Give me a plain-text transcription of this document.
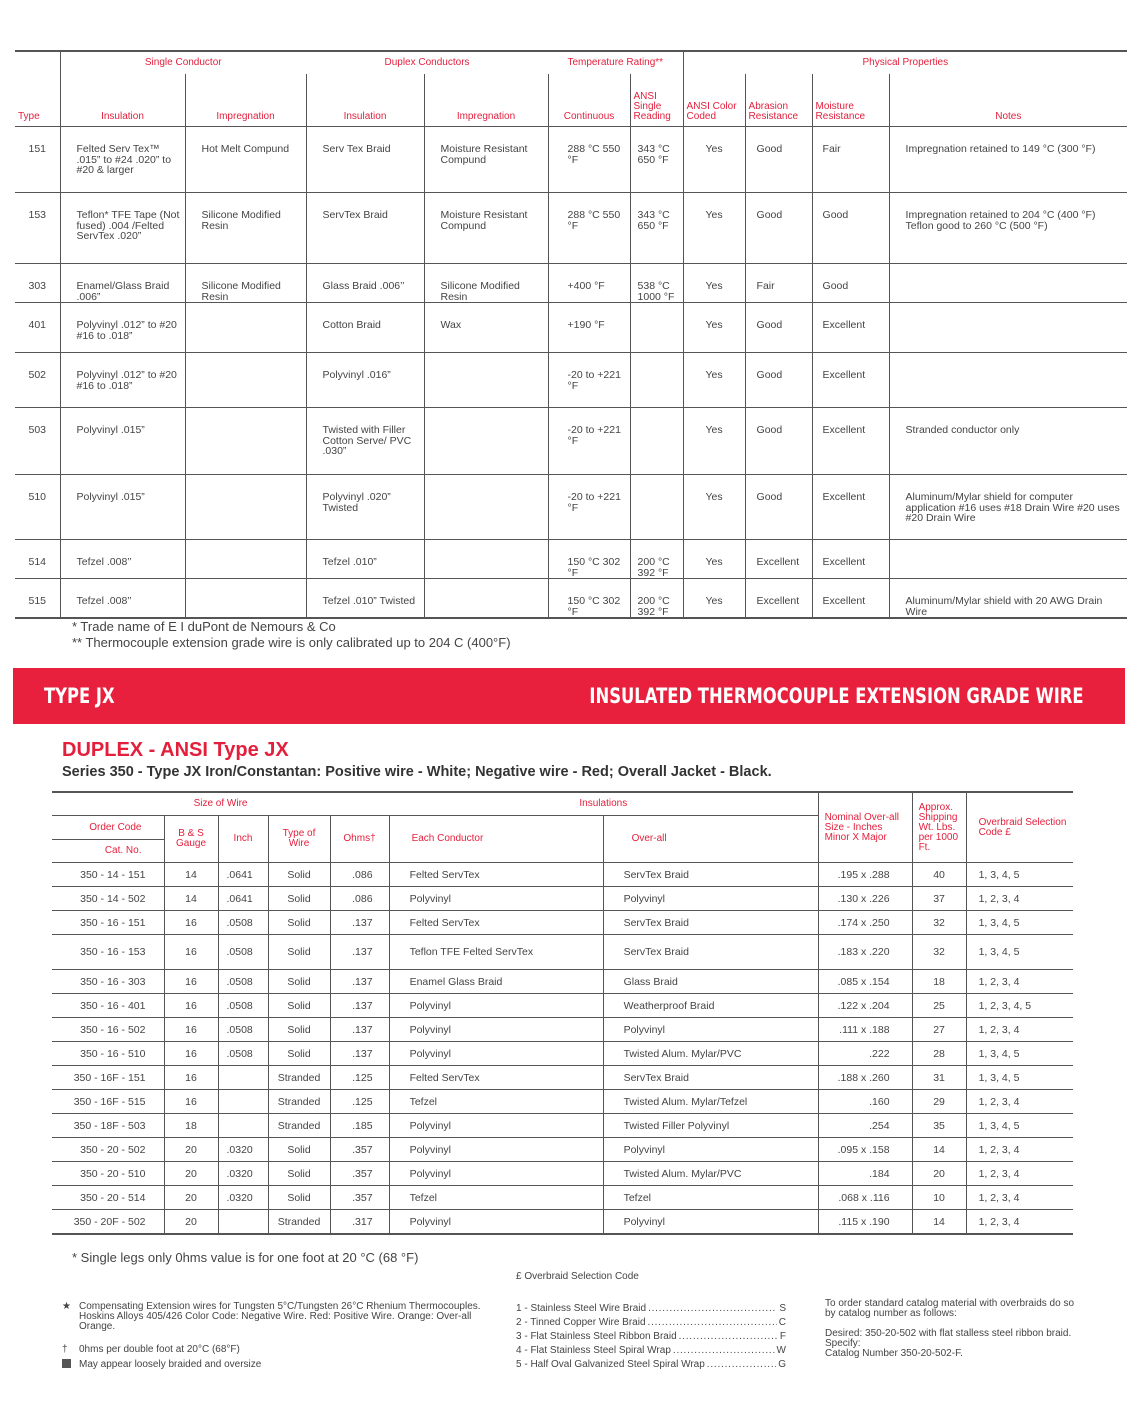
	Single Conductor		Duplex Conductors		Temperature Rating**		Physical Properties			
Type	Insulation	Impregnation	Insulation	Impregnation	Continuous	ANSI Single Reading	ANSI Color Coded	Abrasion Resistance	Moisture Resistance	Notes
151	Felted Serv Tex™ .015” to #24 .020” to #20 & larger	Hot Melt Compund	Serv Tex Braid	Moisture Resistant Compund	288 °C 550 °F	343 °C 650 °F	Yes	Good	Fair	Impregnation retained to 149 °C (300 °F)
153	Teflon* TFE Tape (Not fused) .004 /Felted ServTex .020”	Silicone Modified Resin	ServTex Braid	Moisture Resistant Compund	288 °C 550 °F	343 °C 650 °F	Yes	Good	Good	Impregnation retained to 204 °C (400 °F) Teflon good to 260 °C (500 °F)
303	Enamel/Glass Braid .006”	Silicone Modified Resin	Glass Braid .006’’	Silicone Modified Resin	+400 °F	538 °C 1000 °F	Yes	Fair	Good	
401	Polyvinyl .012” to #20 #16 to .018”		Cotton Braid	Wax	+190 °F		Yes	Good	Excellent	
502	Polyvinyl .012” to #20 #16 to .018”		Polyvinyl .016”		-20 to +221 °F		Yes	Good	Excellent	
503	Polyvinyl .015”		Twisted with Filler Cotton Serve/ PVC .030”		-20 to +221 °F		Yes	Good	Excellent	Stranded conductor only
510	Polyvinyl .015”		Polyvinyl .020” Twisted		-20 to +221 °F		Yes	Good	Excellent	Aluminum/Mylar shield for computer application #16 uses #18 Drain Wire #20 uses #20 Drain Wire
514	Tefzel .008’’		Tefzel .010”		150 °C 302 °F	200 °C 392 °F	Yes	Excellent	Excellent	
515	Tefzel .008’’		Tefzel .010” Twisted		150 °C 302 °F	200 °C 392 °F	Yes	Excellent	Excellent	Aluminum/Mylar shield with 20 AWG Drain Wire
* Trade name of E I duPont de Nemours & Co
** Thermocouple extension grade wire is only calibrated up to 204 C (400°F)
TYPE JX	INSULATED THERMOCOUPLE EXTENSION GRADE WIRE
DUPLEX - ANSI Type JX
Series 350 - Type JX Iron/Constantan: Positive wire - White; Negative wire - Red; Overall Jacket - Black.
Size of Wire					Insulations		Nominal Over-all Size - Inches Minor X Major	Approx. Shipping Wt. Lbs. per 1000 Ft.	Overbraid Selection Code £
Order Code	B & S Gauge	Inch	Type of Wire	Ohms†	Each Conductor	Over-all			
Cat. No.									
350 - 14 - 151	14	.0641	Solid	.086	Felted ServTex	ServTex Braid	.195 x .288	40	1, 3, 4, 5
350 - 14 - 502	14	.0641	Solid	.086	Polyvinyl	Polyvinyl	.130 x .226	37	1, 2, 3, 4
350 - 16 - 151	16	.0508	Solid	.137	Felted ServTex	ServTex Braid	.174 x .250	32	1, 3, 4, 5
350 - 16 - 153	16	.0508	Solid	.137	Teflon TFE Felted ServTex	ServTex Braid	.183 x .220	32	1, 3, 4, 5
350 - 16 - 303	16	.0508	Solid	.137	Enamel Glass Braid	Glass Braid	.085 x .154	18	1, 2, 3, 4
350 - 16 - 401	16	.0508	Solid	.137	Polyvinyl	Weatherproof Braid	.122 x .204	25	1, 2, 3, 4, 5
350 - 16 - 502	16	.0508	Solid	.137	Polyvinyl	Polyvinyl	.111 x .188	27	1, 2, 3, 4
350 - 16 - 510	16	.0508	Solid	.137	Polyvinyl	Twisted Alum. Mylar/PVC	.222	28	1, 3, 4, 5
350 - 16F - 151	16		Stranded	.125	Felted ServTex	ServTex Braid	.188 x .260	31	1, 3, 4, 5
350 - 16F - 515	16		Stranded	.125	Tefzel	Twisted Alum. Mylar/Tefzel	.160	29	1, 2, 3, 4
350 - 18F - 503	18		Stranded	.185	Polyvinyl	Twisted Filler Polyvinyl	.254	35	1, 3, 4, 5
350 - 20 - 502	20	.0320	Solid	.357	Polyvinyl	Polyvinyl	.095 x .158	14	1, 2, 3, 4
350 - 20 - 510	20	.0320	Solid	.357	Polyvinyl	Twisted Alum. Mylar/PVC	.184	20	1, 2, 3, 4
350 - 20 - 514	20	.0320	Solid	.357	Tefzel	Tefzel	.068 x .116	10	1, 2, 3, 4
350 - 20F - 502	20		Stranded	.317	Polyvinyl	Polyvinyl	.115 x .190	14	1, 2, 3, 4
* Single legs only 0hms value is for one foot at 20 °C (68 °F)
£ Overbraid Selection Code
★ Compensating Extension wires for Tungsten 5°C/Tungsten 26°C Rhenium Thermocouples. Hoskins Alloys 405/426 Color Code: Negative Wire. Red: Positive Wire. Orange: Over-all Orange.
† 0hms per double foot at 20°C (68°F)
May appear loosely braided and oversize
1 - Stainless Steel Wire Braid . . .	S
2 - Tinned Copper Wire Braid . . .	C
3 - Flat Stainless Steel Ribbon Braid . . .	F
4 - Flat Stainless Steel Spiral Wrap . . .	W
5 - Half Oval Galvanized Steel Spiral Wrap . . .	G
To order standard catalog material with overbraids do so by catalog number as follows:
Desired: 350-20-502 with flat stalless steel ribbon braid. Specify:
Catalog Number 350-20-502-F.
